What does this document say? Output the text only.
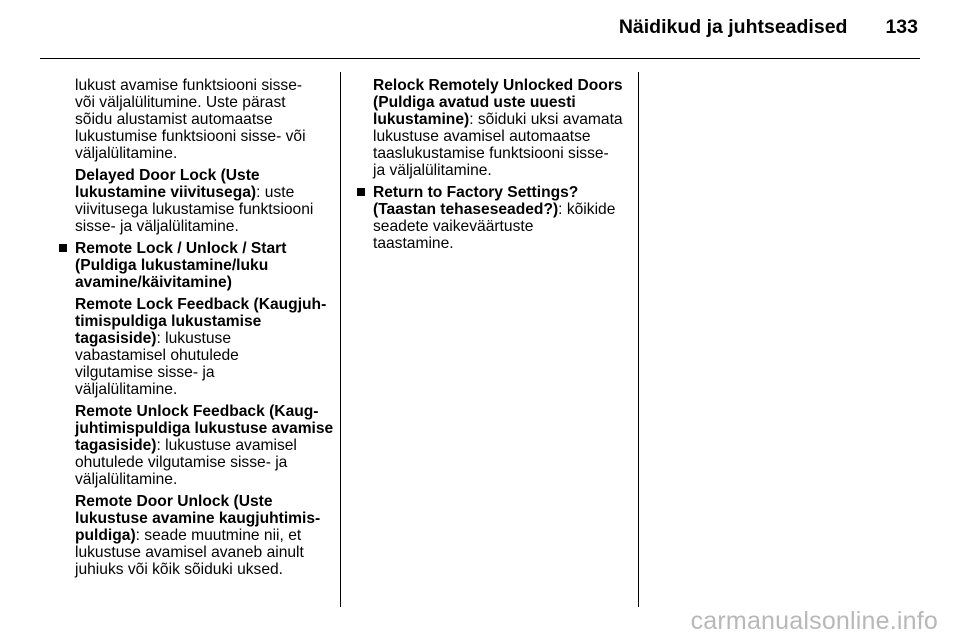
Näidikud ja juhtseadised 133

lukust avamise funktsiooni sisse-
või väljalülitumine. Uste pärast
sõidu alustamist automaatse
lukustumise funktsiooni sisse- või
väljalülitamine.

Delayed Door Lock (Uste
lukustamine viivitusega): uste
viivitusega lukustamise funktsiooni
sisse- ja väljalülitamine.

Remote Lock / Unlock / Start
(Puldiga lukustamine/luku
avamine/käivitamine)

Remote Lock Feedback (Kaugjuh-
timispuldiga lukustamise
tagasiside): lukustuse
vabastamisel ohutulede
vilgutamise sisse- ja
väljalülitamine.

Remote Unlock Feedback (Kaug-
juhtimispuldiga lukustuse avamise
tagasiside): lukustuse avamisel
ohutulede vilgutamise sisse- ja
väljalülitamine.

Remote Door Unlock (Uste
lukustuse avamine kaugjuhtimis-
puldiga): seade muutmine nii, et
lukustuse avamisel avaneb ainult
juhiuks või kõik sõiduki uksed.

Relock Remotely Unlocked Doors
(Puldiga avatud uste uuesti
lukustamine): sõiduki uksi avamata
lukustuse avamisel automaatse
taaslukustamise funktsiooni sisse-
ja väljalülitamine.

Return to Factory Settings?
(Taastan tehaseseaded?): kõikide
seadete vaikeväärtuste
taastamine.

carmanualsonline.info
